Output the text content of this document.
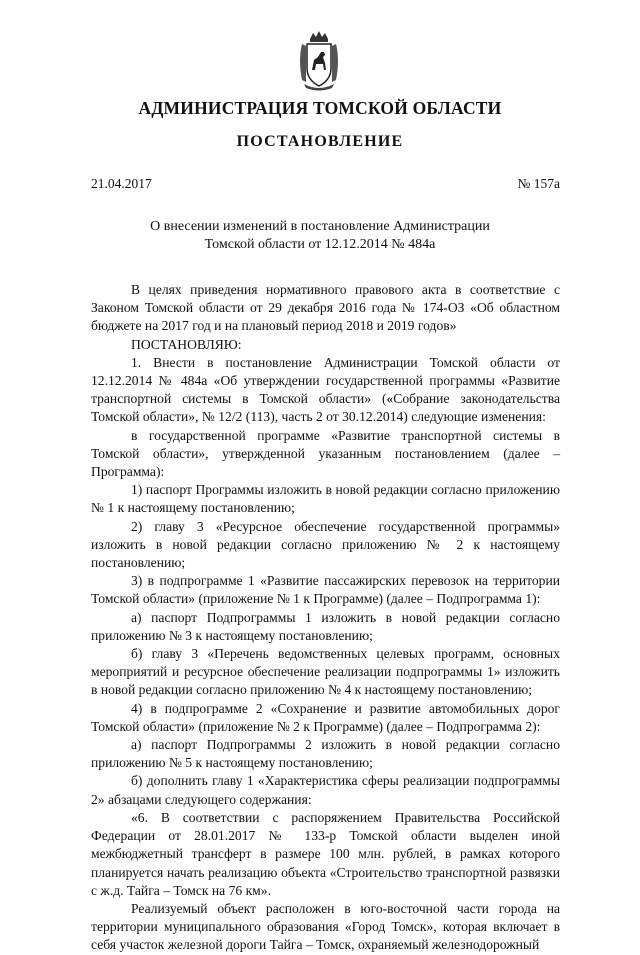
АДМИНИСТРАЦИЯ ТОМСКОЙ ОБЛАСТИ
ПОСТАНОВЛЕНИЕ
21.04.2017	№ 157а
О внесении изменений в постановление Администрации
Томской области от 12.12.2014 № 484а

В целях приведения нормативного правового акта в соответствие с Законом Томской области от 29 декабря 2016 года № 174-ОЗ «Об областном бюджете на 2017 год и на плановый период 2018 и 2019 годов»

ПОСТАНОВЛЯЮ:

1. Внести в постановление Администрации Томской области от 12.12.2014 № 484а «Об утверждении государственной программы «Развитие транспортной системы в Томской области» («Собрание законодательства Томской области», № 12/2 (113), часть 2 от 30.12.2014) следующие изменения:

в государственной программе «Развитие транспортной системы в Томской области», утвержденной указанным постановлением (далее – Программа):

1) паспорт Программы изложить в новой редакции согласно приложению № 1 к настоящему постановлению;

2) главу 3 «Ресурсное обеспечение государственной программы» изложить в новой редакции согласно приложению № 2 к настоящему постановлению;

3) в подпрограмме 1 «Развитие пассажирских перевозок на территории Томской области» (приложение № 1 к Программе) (далее – Подпрограмма 1):

а) паспорт Подпрограммы 1 изложить в новой редакции согласно приложению № 3 к настоящему постановлению;

б) главу 3 «Перечень ведомственных целевых программ, основных мероприятий и ресурсное обеспечение реализации подпрограммы 1» изложить в новой редакции согласно приложению № 4 к настоящему постановлению;

4) в подпрограмме 2 «Сохранение и развитие автомобильных дорог Томской области» (приложение № 2 к Программе) (далее – Подпрограмма 2):

а) паспорт Подпрограммы 2 изложить в новой редакции согласно приложению № 5 к настоящему постановлению;

б) дополнить главу 1 «Характеристика сферы реализации подпрограммы 2» абзацами следующего содержания:

«6. В соответствии с распоряжением Правительства Российской Федерации от 28.01.2017 № 133-р Томской области выделен иной межбюджетный трансферт в размере 100 млн. рублей, в рамках которого планируется начать реализацию объекта «Строительство транспортной развязки с ж.д. Тайга – Томск на 76 км».

Реализуемый объект расположен в юго-восточной части города на территории муниципального образования «Город Томск», которая включает в себя участок железной дороги Тайга – Томск, охраняемый железнодорожный
